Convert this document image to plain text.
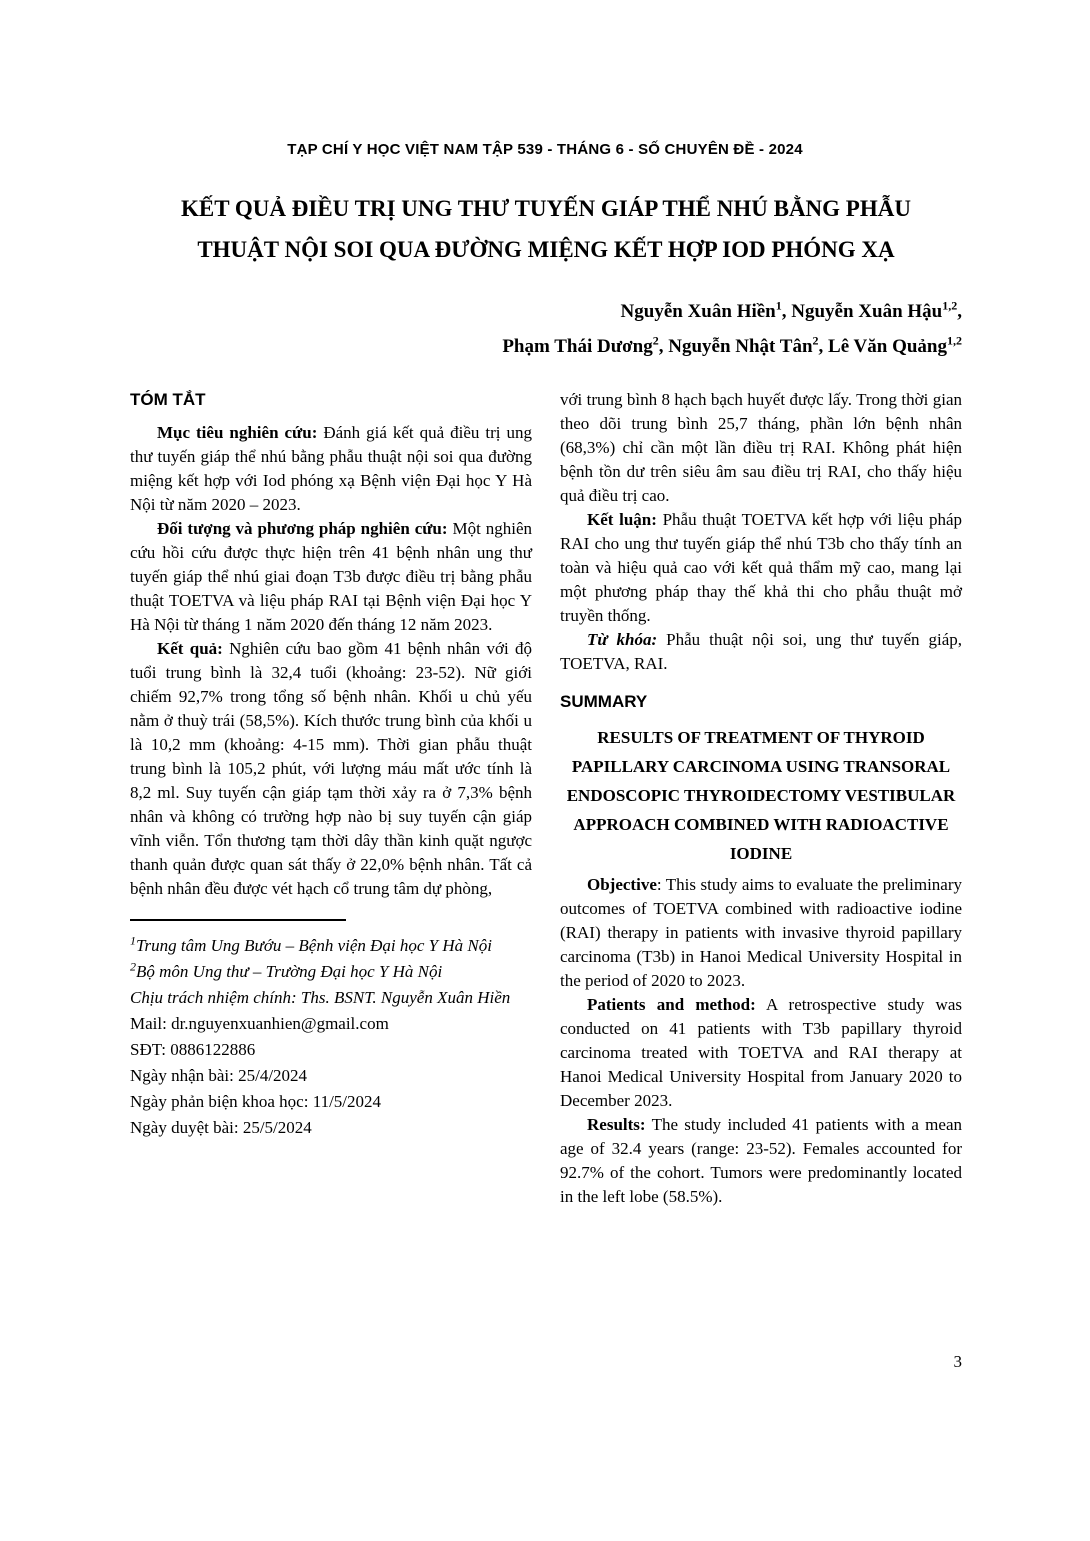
TẠP CHÍ Y HỌC VIỆT NAM TẬP 539 - THÁNG 6 - SỐ CHUYÊN ĐỀ - 2024
KẾT QUẢ ĐIỀU TRỊ UNG THƯ TUYẾN GIÁP THỂ NHÚ BẰNG PHẪU THUẬT NỘI SOI QUA ĐƯỜNG MIỆNG KẾT HỢP IOD PHÓNG XẠ
Nguyễn Xuân Hiền$^1$, Nguyễn Xuân Hậu$^{1,2}$,
Phạm Thái Dương$^2$, Nguyễn Nhật Tân$^2$, Lê Văn Quảng$^{1,2}$
TÓM TẮT

Mục tiêu nghiên cứu: Đánh giá kết quả điều trị ung thư tuyến giáp thể nhú bằng phẫu thuật nội soi qua đường miệng kết hợp với Iod phóng xạ Bệnh viện Đại học Y Hà Nội từ năm 2020 – 2023.

Đối tượng và phương pháp nghiên cứu: Một nghiên cứu hồi cứu được thực hiện trên 41 bệnh nhân ung thư tuyến giáp thể nhú giai đoạn T3b được điều trị bằng phẫu thuật TOETVA và liệu pháp RAI tại Bệnh viện Đại học Y Hà Nội từ tháng 1 năm 2020 đến tháng 12 năm 2023.

Kết quả: Nghiên cứu bao gồm 41 bệnh nhân với độ tuổi trung bình là 32,4 tuổi (khoảng: 23-52). Nữ giới chiếm 92,7% trong tổng số bệnh nhân. Khối u chủ yếu nằm ở thuỳ trái (58,5%). Kích thước trung bình của khối u là 10,2 mm (khoảng: 4-15 mm). Thời gian phẫu thuật trung bình là 105,2 phút, với lượng máu mất ước tính là 8,2 ml. Suy tuyến cận giáp tạm thời xảy ra ở 7,3% bệnh nhân và không có trường hợp nào bị suy tuyến cận giáp vĩnh viễn. Tổn thương tạm thời dây thần kinh quặt ngược thanh quản được quan sát thấy ở 22,0% bệnh nhân. Tất cả bệnh nhân đều được vét hạch cổ trung tâm dự phòng,

$^1$Trung tâm Ung Bướu – Bệnh viện Đại học Y Hà Nội
$^2$Bộ môn Ung thư – Trường Đại học Y Hà Nội
Chịu trách nhiệm chính: Ths. BSNT. Nguyễn Xuân Hiền
Mail: dr.nguyenxuanhien@gmail.com
SĐT: 0886122886
Ngày nhận bài: 25/4/2024
Ngày phản biện khoa học: 11/5/2024
Ngày duyệt bài: 25/5/2024

với trung bình 8 hạch bạch huyết được lấy. Trong thời gian theo dõi trung bình 25,7 tháng, phần lớn bệnh nhân (68,3%) chỉ cần một lần điều trị RAI. Không phát hiện bệnh tồn dư trên siêu âm sau điều trị RAI, cho thấy hiệu quả điều trị cao.

Kết luận: Phẫu thuật TOETVA kết hợp với liệu pháp RAI cho ung thư tuyến giáp thể nhú T3b cho thấy tính an toàn và hiệu quả cao với kết quả thẩm mỹ cao, mang lại một phương pháp thay thế khả thi cho phẫu thuật mở truyền thống.

Từ khóa: Phẫu thuật nội soi, ung thư tuyến giáp, TOETVA, RAI.

SUMMARY
RESULTS OF TREATMENT OF THYROID PAPILLARY CARCINOMA USING TRANSORAL ENDOSCOPIC THYROIDECTOMY VESTIBULAR APPROACH COMBINED WITH RADIOACTIVE IODINE

Objective: This study aims to evaluate the preliminary outcomes of TOETVA combined with radioactive iodine (RAI) therapy in patients with invasive thyroid papillary carcinoma (T3b) in Hanoi Medical University Hospital in the period of 2020 to 2023.

Patients and method: A retrospective study was conducted on 41 patients with T3b papillary thyroid carcinoma treated with TOETVA and RAI therapy at Hanoi Medical University Hospital from January 2020 to December 2023.

Results: The study included 41 patients with a mean age of 32.4 years (range: 23-52). Females accounted for 92.7% of the cohort. Tumors were predominantly located in the left lobe (58.5%).

3
